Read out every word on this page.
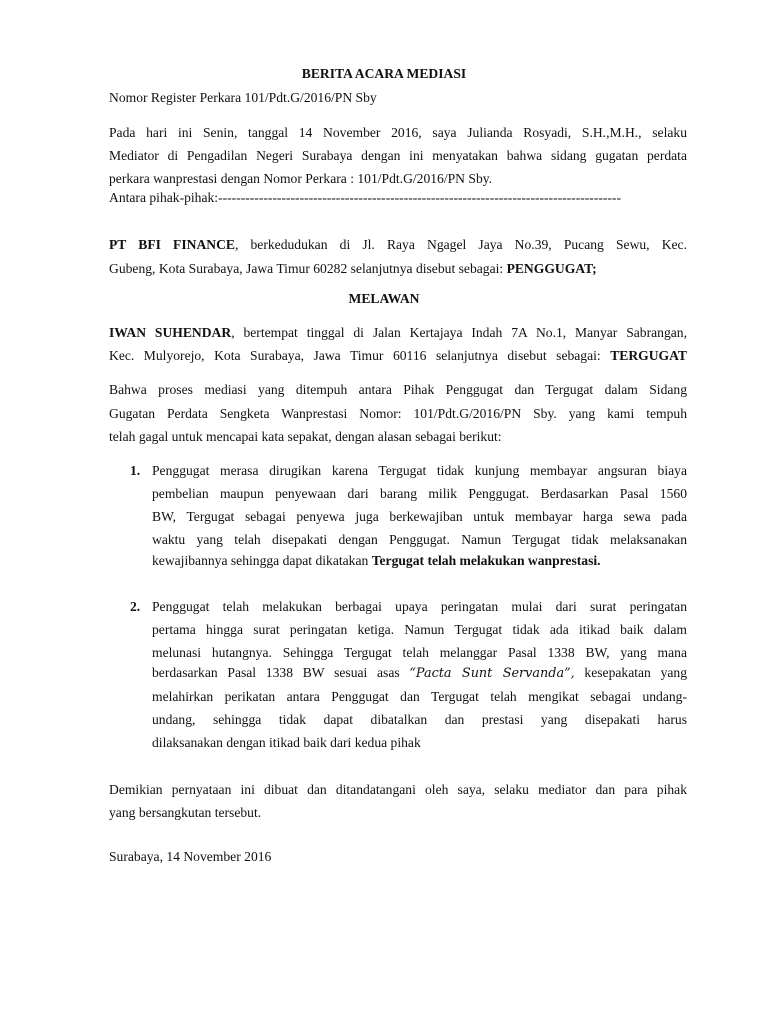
BERITA ACARA MEDIASI
Nomor Register Perkara 101/Pdt.G/2016/PN Sby
Pada hari ini Senin, tanggal 14 November 2016, saya Julianda Rosyadi, S.H.,M.H., selaku
Mediator di Pengadilan Negeri Surabaya dengan ini menyatakan bahwa sidang gugatan perdata
perkara wanprestasi dengan Nomor Perkara : 101/Pdt.G/2016/PN Sby.
Antara pihak-pihak:-----------------------------------------------------------------------------------------
PT BFI FINANCE, berkedudukan di Jl. Raya Ngagel Jaya No.39, Pucang Sewu, Kec.
Gubeng, Kota Surabaya, Jawa Timur 60282 selanjutnya disebut sebagai: PENGGUGAT;
MELAWAN
IWAN SUHENDAR, bertempat tinggal di Jalan Kertajaya Indah 7A No.1, Manyar Sabrangan,
Kec. Mulyorejo, Kota Surabaya, Jawa Timur 60116 selanjutnya disebut sebagai: TERGUGAT
Bahwa proses mediasi yang ditempuh antara Pihak Penggugat dan Tergugat dalam Sidang
Gugatan Perdata Sengketa Wanprestasi Nomor: 101/Pdt.G/2016/PN Sby. yang kami tempuh
telah gagal untuk mencapai kata sepakat, dengan alasan sebagai berikut:
1. Penggugat merasa dirugikan karena Tergugat tidak kunjung membayar angsuran biaya
pembelian maupun penyewaan dari barang milik Penggugat. Berdasarkan Pasal 1560
BW, Tergugat sebagai penyewa juga berkewajiban untuk membayar harga sewa pada
waktu yang telah disepakati dengan Penggugat. Namun Tergugat tidak melaksanakan
kewajibannya sehingga dapat dikatakan Tergugat telah melakukan wanprestasi.
2. Penggugat telah melakukan berbagai upaya peringatan mulai dari surat peringatan
pertama hingga surat peringatan ketiga. Namun Tergugat tidak ada itikad baik dalam
melunasi hutangnya. Sehingga Tergugat telah melanggar Pasal 1338 BW, yang mana
berdasarkan Pasal 1338 BW sesuai asas “Pacta Sunt Servanda”, kesepakatan yang
melahirkan perikatan antara Penggugat dan Tergugat telah mengikat sebagai undang-
undang, sehingga tidak dapat dibatalkan dan prestasi yang disepakati harus
dilaksanakan dengan itikad baik dari kedua pihak
Demikian pernyataan ini dibuat dan ditandatangani oleh saya, selaku mediator dan para pihak
yang bersangkutan tersebut.
Surabaya, 14 November 2016
